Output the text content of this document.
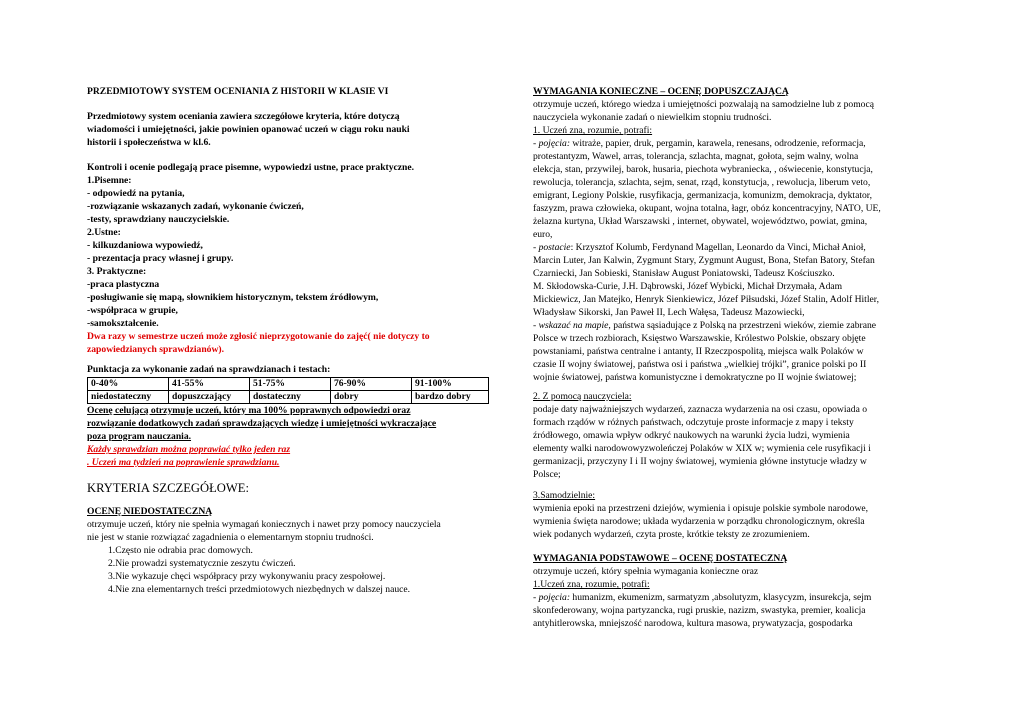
PRZEDMIOTOWY SYSTEM OCENIANIA Z HISTORII W KLASIE VI
Przedmiotowy system oceniania zawiera szczegółowe kryteria, które dotyczą
wiadomości i umiejętności, jakie powinien opanować uczeń w ciągu roku nauki
historii i społeczeństwa w kl.6.
Kontroli i ocenie podlegają prace pisemne, wypowiedzi ustne, prace praktyczne.
1.Pisemne:
- odpowiedź na pytania,
-rozwiązanie wskazanych zadań, wykonanie ćwiczeń,
-testy, sprawdziany nauczycielskie.
2.Ustne:
- kilkuzdaniowa wypowiedź,
- prezentacja pracy własnej i grupy.
3. Praktyczne:
-praca plastyczna
-posługiwanie się mapą, słownikiem historycznym, tekstem źródłowym,
-współpraca w grupie,
-samokształcenie.
Dwa razy w semestrze uczeń może zgłosić nieprzygotowanie do zajęć( nie dotyczy to
zapowiedzianych sprawdzianów).
Punktacja za wykonanie zadań na sprawdzianach i testach:
0-40%	41-55%	51-75%	76-90%	91-100%
niedostateczny	dopuszczający	dostateczny	dobry	bardzo dobry
Ocenę celującą otrzymuje uczeń, który ma 100% poprawnych odpowiedzi oraz
rozwiązanie dodatkowych zadań sprawdzających wiedzę i umiejętności wykraczające
poza program nauczania.
Każdy sprawdzian można poprawiać tylko jeden raz
. Uczeń ma tydzień na poprawienie sprawdzianu.
KRYTERIA SZCZEGÓŁOWE:
OCENĘ NIEDOSTATECZNĄ
otrzymuje uczeń, który nie spełnia wymagań koniecznych i nawet przy pomocy nauczyciela
nie jest w stanie rozwiązać zagadnienia o elementarnym stopniu trudności.
1.Często nie odrabia prac domowych.
2.Nie prowadzi systematycznie zeszytu ćwiczeń.
3.Nie wykazuje chęci współpracy przy wykonywaniu pracy zespołowej.
4.Nie zna elementarnych treści przedmiotowych niezbędnych w dalszej nauce.
WYMAGANIA KONIECZNE – OCENĘ DOPUSZCZAJĄCĄ
otrzymuje uczeń, którego wiedza i umiejętności pozwalają na samodzielne lub z pomocą
nauczyciela wykonanie zadań o niewielkim stopniu trudności.
1. Uczeń zna, rozumie, potrafi:
- pojęcia: witraże, papier, druk, pergamin, karawela, renesans, odrodzenie, reformacja,
protestantyzm, Wawel, arras, tolerancja, szlachta, magnat, gołota, sejm walny, wolna
elekcja, stan, przywilej, barok, husaria, piechota wybraniecka, , oświecenie, konstytucja,
rewolucja, tolerancja, szlachta, sejm, senat, rząd, konstytucja, , rewolucja, liberum veto,
emigrant, Legiony Polskie, rusyfikacja, germanizacja, komunizm, demokracja, dyktator,
faszyzm, prawa człowieka, okupant, wojna totalna, łagr, obóz koncentracyjny, NATO, UE,
żelazna kurtyna, Układ Warszawski , internet, obywatel, województwo, powiat, gmina,
euro,
- postacie: Krzysztof Kolumb, Ferdynand Magellan, Leonardo da Vinci, Michał Anioł,
Marcin Luter, Jan Kalwin, Zygmunt Stary, Zygmunt August, Bona, Stefan Batory, Stefan
Czarniecki, Jan Sobieski, Stanisław August Poniatowski, Tadeusz Kościuszko.
M. Skłodowska-Curie, J.H. Dąbrowski, Józef Wybicki, Michał Drzymała, Adam
Mickiewicz, Jan Matejko, Henryk Sienkiewicz, Józef Piłsudski, Józef Stalin, Adolf Hitler,
Władysław Sikorski, Jan Paweł II, Lech Wałęsa, Tadeusz Mazowiecki,
- wskazać na mapie, państwa sąsiadujące z Polską na przestrzeni wieków, ziemie zabrane
Polsce w trzech rozbiorach, Księstwo Warszawskie, Królestwo Polskie, obszary objęte
powstaniami, państwa centralne i antanty, II Rzeczpospolitą, miejsca walk Polaków w
czasie II wojny światowej, państwa osi i państwa „wielkiej trójki”, granice polski po II
wojnie światowej, państwa komunistyczne i demokratyczne po II wojnie światowej;
2. Z pomocą nauczyciela:
podaje daty najważniejszych wydarzeń, zaznacza wydarzenia na osi czasu, opowiada o
formach rządów w różnych państwach, odczytuje proste informacje z mapy i teksty
źródłowego, omawia wpływ odkryć naukowych na warunki życia ludzi, wymienia
elementy walki narodowowyzwoleńczej Polaków w XIX w; wymienia cele rusyfikacji i
germanizacji, przyczyny I i II wojny światowej, wymienia główne instytucje władzy w
Polsce;
3.Samodzielnie:
wymienia epoki na przestrzeni dziejów, wymienia i opisuje polskie symbole narodowe,
wymienia święta narodowe; układa wydarzenia w porządku chronologicznym, określa
wiek podanych wydarzeń, czyta proste, krótkie teksty ze zrozumieniem.
WYMAGANIA PODSTAWOWE – OCENĘ DOSTATECZNĄ
otrzymuje uczeń, który spełnia wymagania konieczne oraz
1.Uczeń zna, rozumie, potrafi:
- pojęcia: humanizm, ekumenizm, sarmatyzm ,absolutyzm, klasycyzm, insurekcja, sejm
skonfederowany, wojna partyzancka, rugi pruskie, nazizm, swastyka, premier, koalicja
antyhitlerowska, mniejszość narodowa, kultura masowa, prywatyzacja, gospodarka
